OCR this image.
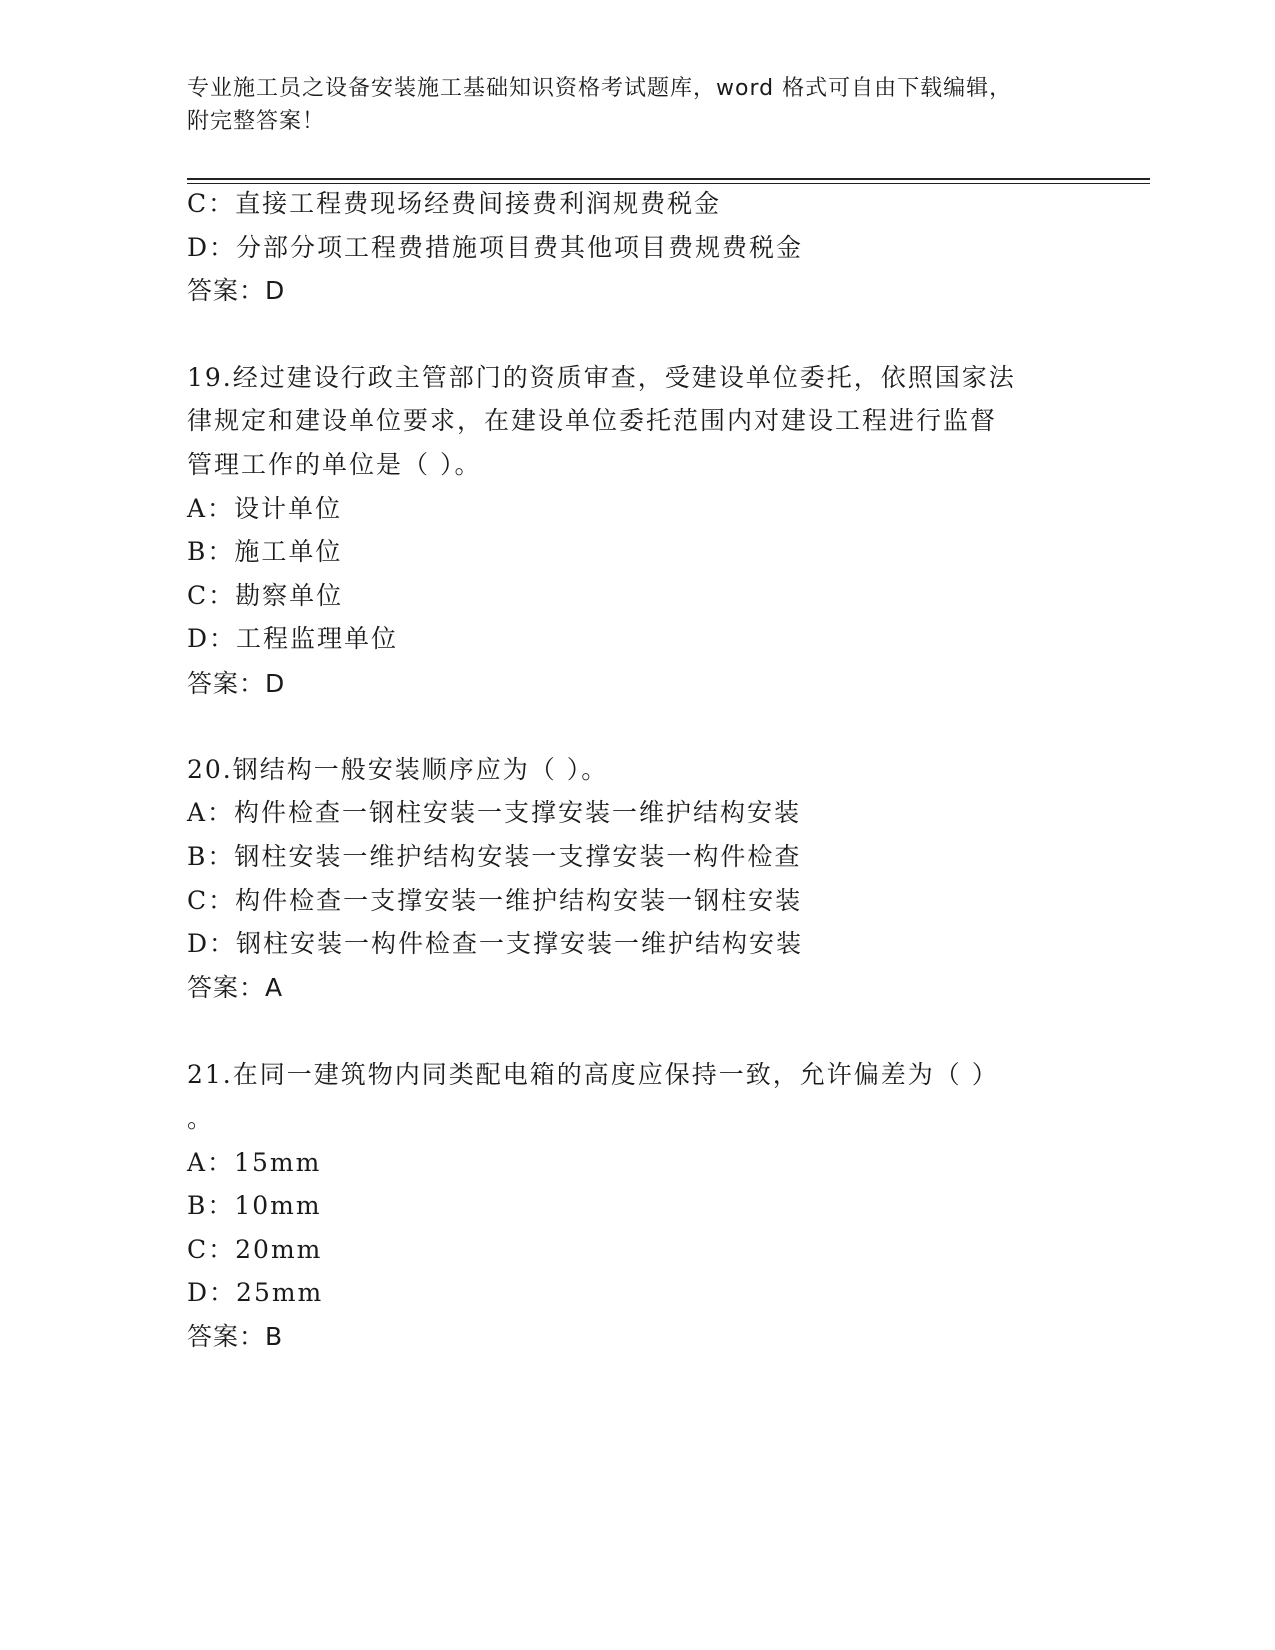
专业施工员之设备安装施工基础知识资格考试题库，word 格式可自由下载编辑，
附完整答案！
C：直接工程费现场经费间接费利润规费税金
D：分部分项工程费措施项目费其他项目费规费税金
答案：D
19.经过建设行政主管部门的资质审查，受建设单位委托，依照国家法
律规定和建设单位要求，在建设单位委托范围内对建设工程进行监督
管理工作的单位是（ ）。
A：设计单位
B：施工单位
C：勘察单位
D：工程监理单位
答案：D
20.钢结构一般安装顺序应为（ ）。
A：构件检查一钢柱安装一支撑安装一维护结构安装
B：钢柱安装一维护结构安装一支撑安装一构件检查
C：构件检查一支撑安装一维护结构安装一钢柱安装
D：钢柱安装一构件检查一支撑安装一维护结构安装
答案：A
21.在同一建筑物内同类配电箱的高度应保持一致，允许偏差为（ ）
。
A：15mm
B：10mm
C：20mm
D：25mm
答案：B
